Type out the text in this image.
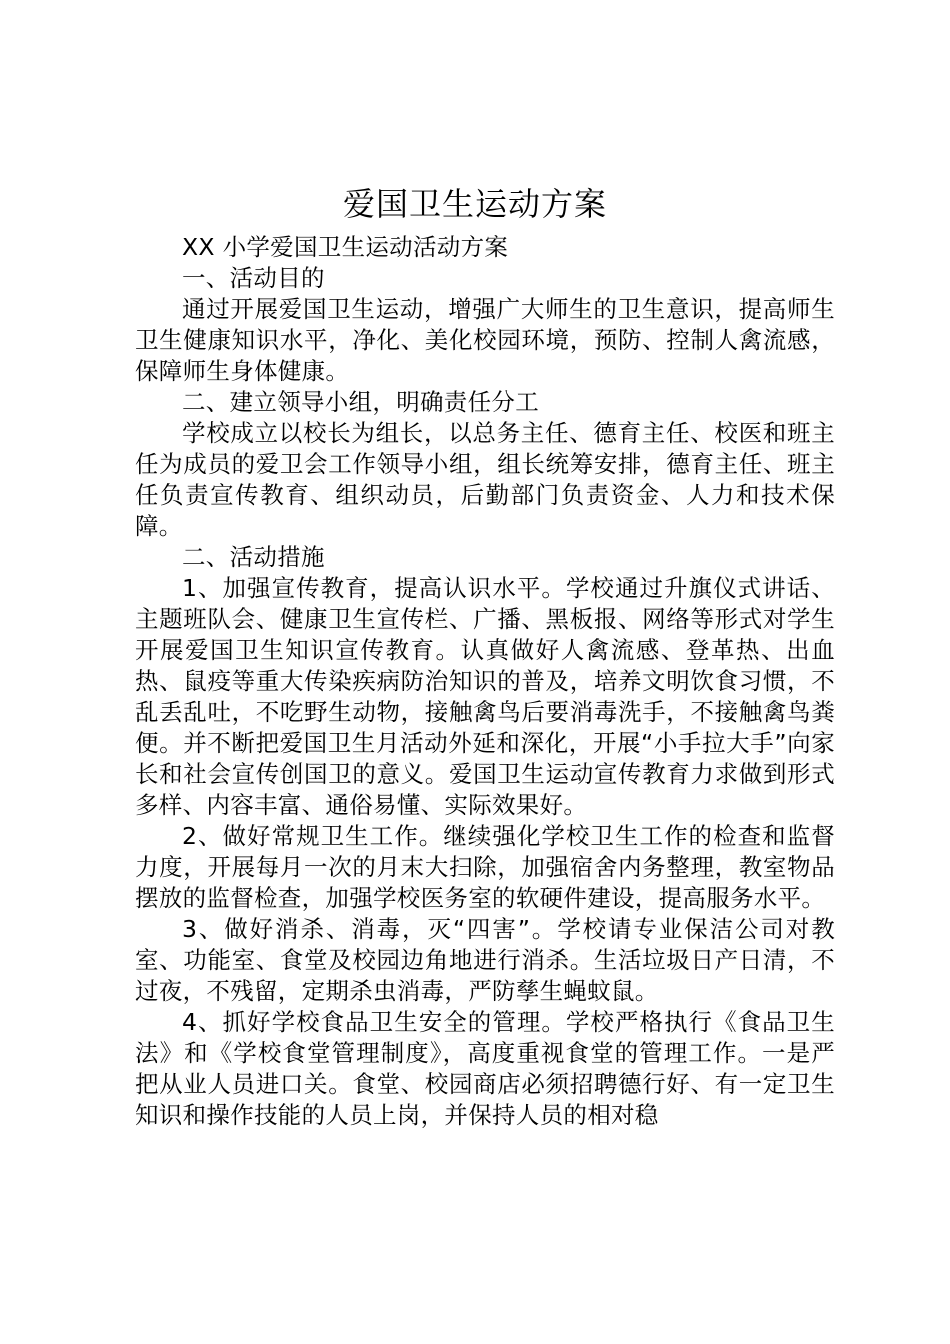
爱国卫生运动方案

XX 小学爱国卫生运动活动方案

一、活动目的

通过开展爱国卫生运动，增强广大师生的卫生意识，提高师生卫生健康知识水平，净化、美化校园环境，预防、控制人禽流感，保障师生身体健康。

二、建立领导小组，明确责任分工

学校成立以校长为组长，以总务主任、德育主任、校医和班主任为成员的爱卫会工作领导小组，组长统筹安排，德育主任、班主任负责宣传教育、组织动员，后勤部门负责资金、人力和技术保障。

二、活动措施

1、加强宣传教育，提高认识水平。学校通过升旗仪式讲话、主题班队会、健康卫生宣传栏、广播、黑板报、网络等形式对学生开展爱国卫生知识宣传教育。认真做好人禽流感、登革热、出血热、鼠疫等重大传染疾病防治知识的普及，培养文明饮食习惯，不乱丢乱吐，不吃野生动物，接触禽鸟后要消毒洗手，不接触禽鸟粪便。并不断把爱国卫生月活动外延和深化，开展“小手拉大手”向家长和社会宣传创国卫的意义。爱国卫生运动宣传教育力求做到形式多样、内容丰富、通俗易懂、实际效果好。

2、做好常规卫生工作。继续强化学校卫生工作的检查和监督力度，开展每月一次的月末大扫除，加强宿舍内务整理，教室物品摆放的监督检查，加强学校医务室的软硬件建设，提高服务水平。

3、做好消杀、消毒，灭“四害”。学校请专业保洁公司对教室、功能室、食堂及校园边角地进行消杀。生活垃圾日产日清，不过夜，不残留，定期杀虫消毒，严防孳生蝇蚊鼠。

4、抓好学校食品卫生安全的管理。学校严格执行《食品卫生法》和《学校食堂管理制度》，高度重视食堂的管理工作。一是严把从业人员进口关。食堂、校园商店必须招聘德行好、有一定卫生知识和操作技能的人员上岗，并保持人员的相对稳
